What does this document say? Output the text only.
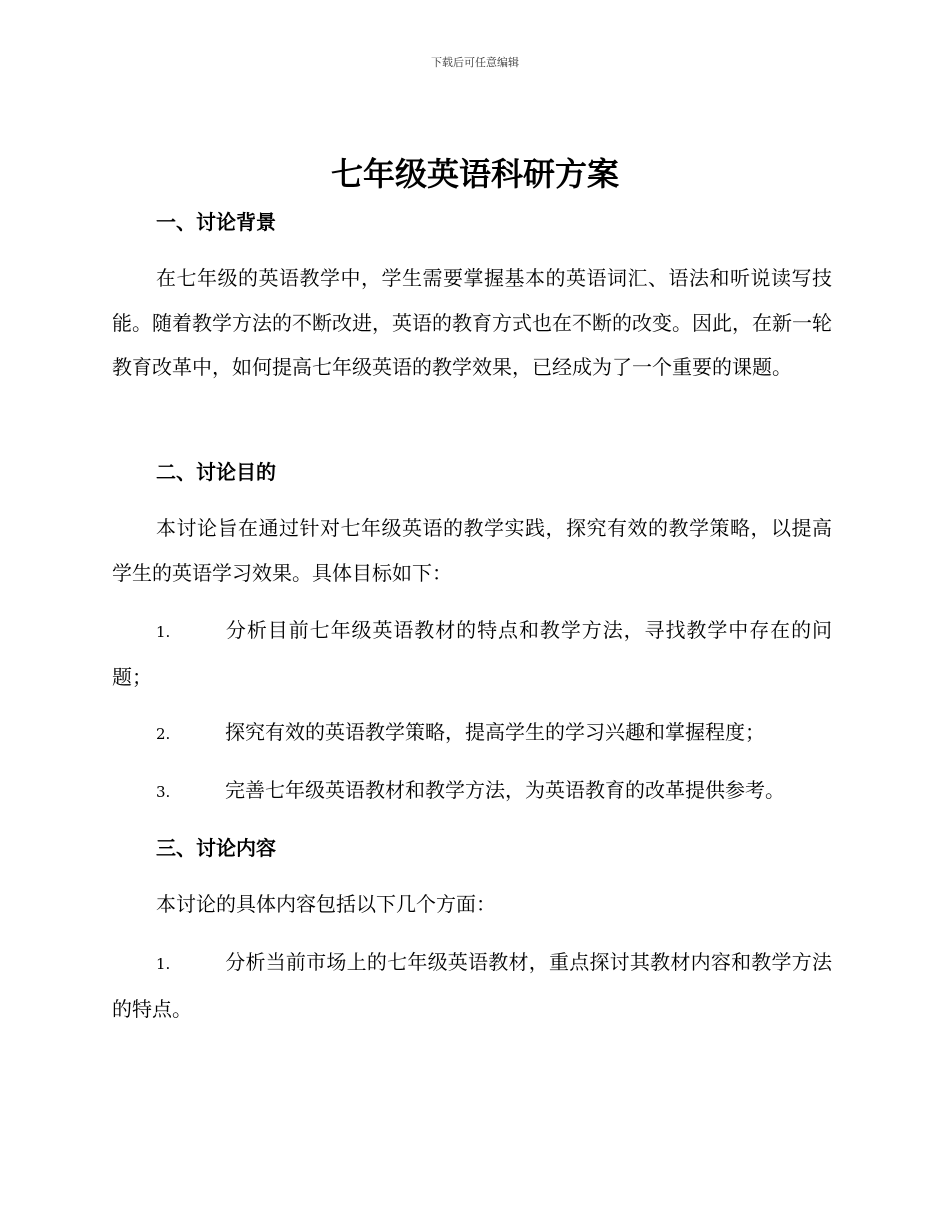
下载后可任意编辑
七年级英语科研方案
一、讨论背景
在七年级的英语教学中，学生需要掌握基本的英语词汇、语法和听说读写技能。随着教学方法的不断改进，英语的教育方式也在不断的改变。因此，在新一轮教育改革中，如何提高七年级英语的教学效果，已经成为了一个重要的课题。
二、讨论目的
本讨论旨在通过针对七年级英语的教学实践，探究有效的教学策略，以提高学生的英语学习效果。具体目标如下：
1.	分析目前七年级英语教材的特点和教学方法，寻找教学中存在的问题；
2.	探究有效的英语教学策略，提高学生的学习兴趣和掌握程度；
3.	完善七年级英语教材和教学方法，为英语教育的改革提供参考。
三、讨论内容
本讨论的具体内容包括以下几个方面：
1.	分析当前市场上的七年级英语教材，重点探讨其教材内容和教学方法的特点。
